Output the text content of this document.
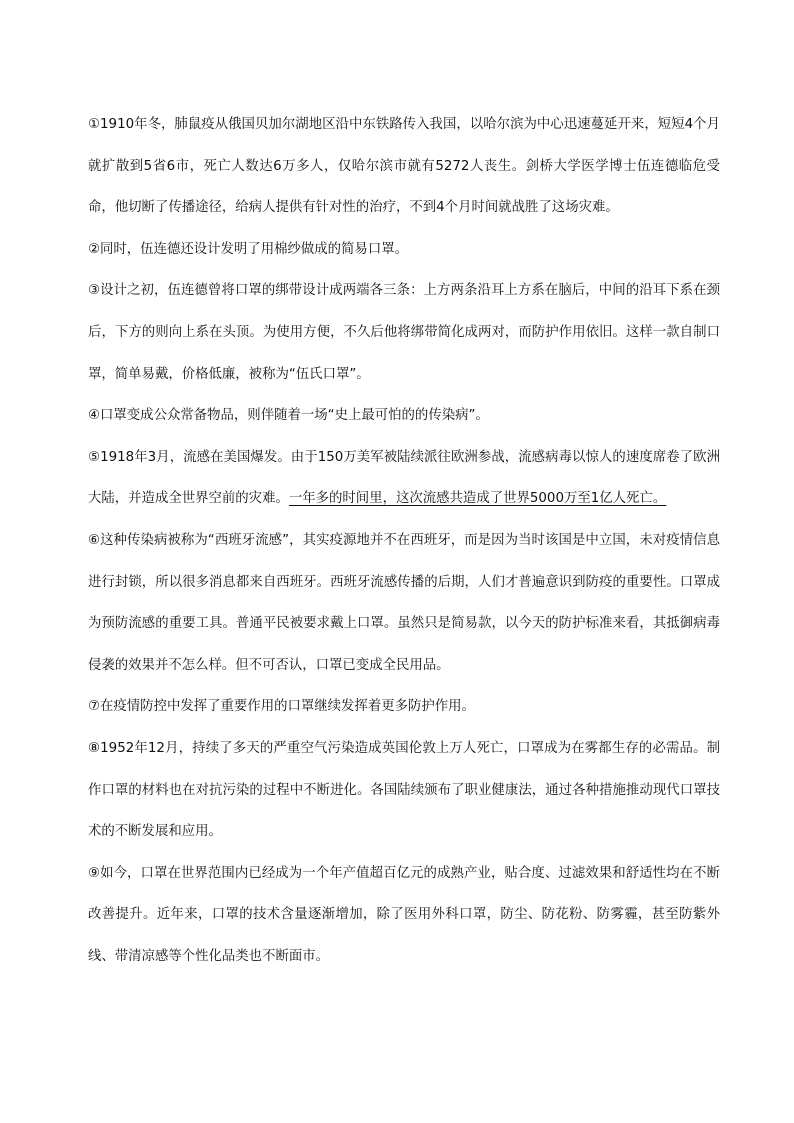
①1910年冬，肺鼠疫从俄国贝加尔湖地区沿中东铁路传入我国，以哈尔滨为中心迅速蔓延开来，短短4个月就扩散到5省6市，死亡人数达6万多人，仅哈尔滨市就有5272人丧生。剑桥大学医学博士伍连德临危受命，他切断了传播途径，给病人提供有针对性的治疗，不到4个月时间就战胜了这场灾难。

②同时，伍连德还设计发明了用棉纱做成的简易口罩。

③设计之初，伍连德曾将口罩的绑带设计成两端各三条：上方两条沿耳上方系在脑后，中间的沿耳下系在颈后，下方的则向上系在头顶。为使用方便，不久后他将绑带简化成两对，而防护作用依旧。这样一款自制口罩，简单易戴，价格低廉，被称为“伍氏口罩”。

④口罩变成公众常备物品，则伴随着一场“史上最可怕的的传染病”。

⑤1918年3月，流感在美国爆发。由于150万美军被陆续派往欧洲参战，流感病毒以惊人的速度席卷了欧洲大陆，并造成全世界空前的灾难。一年多的时间里，这次流感共造成了世界5000万至1亿人死亡。

⑥这种传染病被称为“西班牙流感”，其实疫源地并不在西班牙，而是因为当时该国是中立国，未对疫情信息进行封锁，所以很多消息都来自西班牙。西班牙流感传播的后期，人们才普遍意识到防疫的重要性。口罩成为预防流感的重要工具。普通平民被要求戴上口罩。虽然只是简易款，以今天的防护标准来看，其抵御病毒侵袭的效果并不怎么样。但不可否认，口罩已变成全民用品。

⑦在疫情防控中发挥了重要作用的口罩继续发挥着更多防护作用。

⑧1952年12月，持续了多天的严重空气污染造成英国伦敦上万人死亡，口罩成为在雾都生存的必需品。制作口罩的材料也在对抗污染的过程中不断进化。各国陆续颁布了职业健康法，通过各种措施推动现代口罩技术的不断发展和应用。

⑨如今，口罩在世界范围内已经成为一个年产值超百亿元的成熟产业，贴合度、过滤效果和舒适性均在不断改善提升。近年来，口罩的技术含量逐渐增加，除了医用外科口罩，防尘、防花粉、防雾霾，甚至防紫外线、带清凉感等个性化品类也不断面市。
